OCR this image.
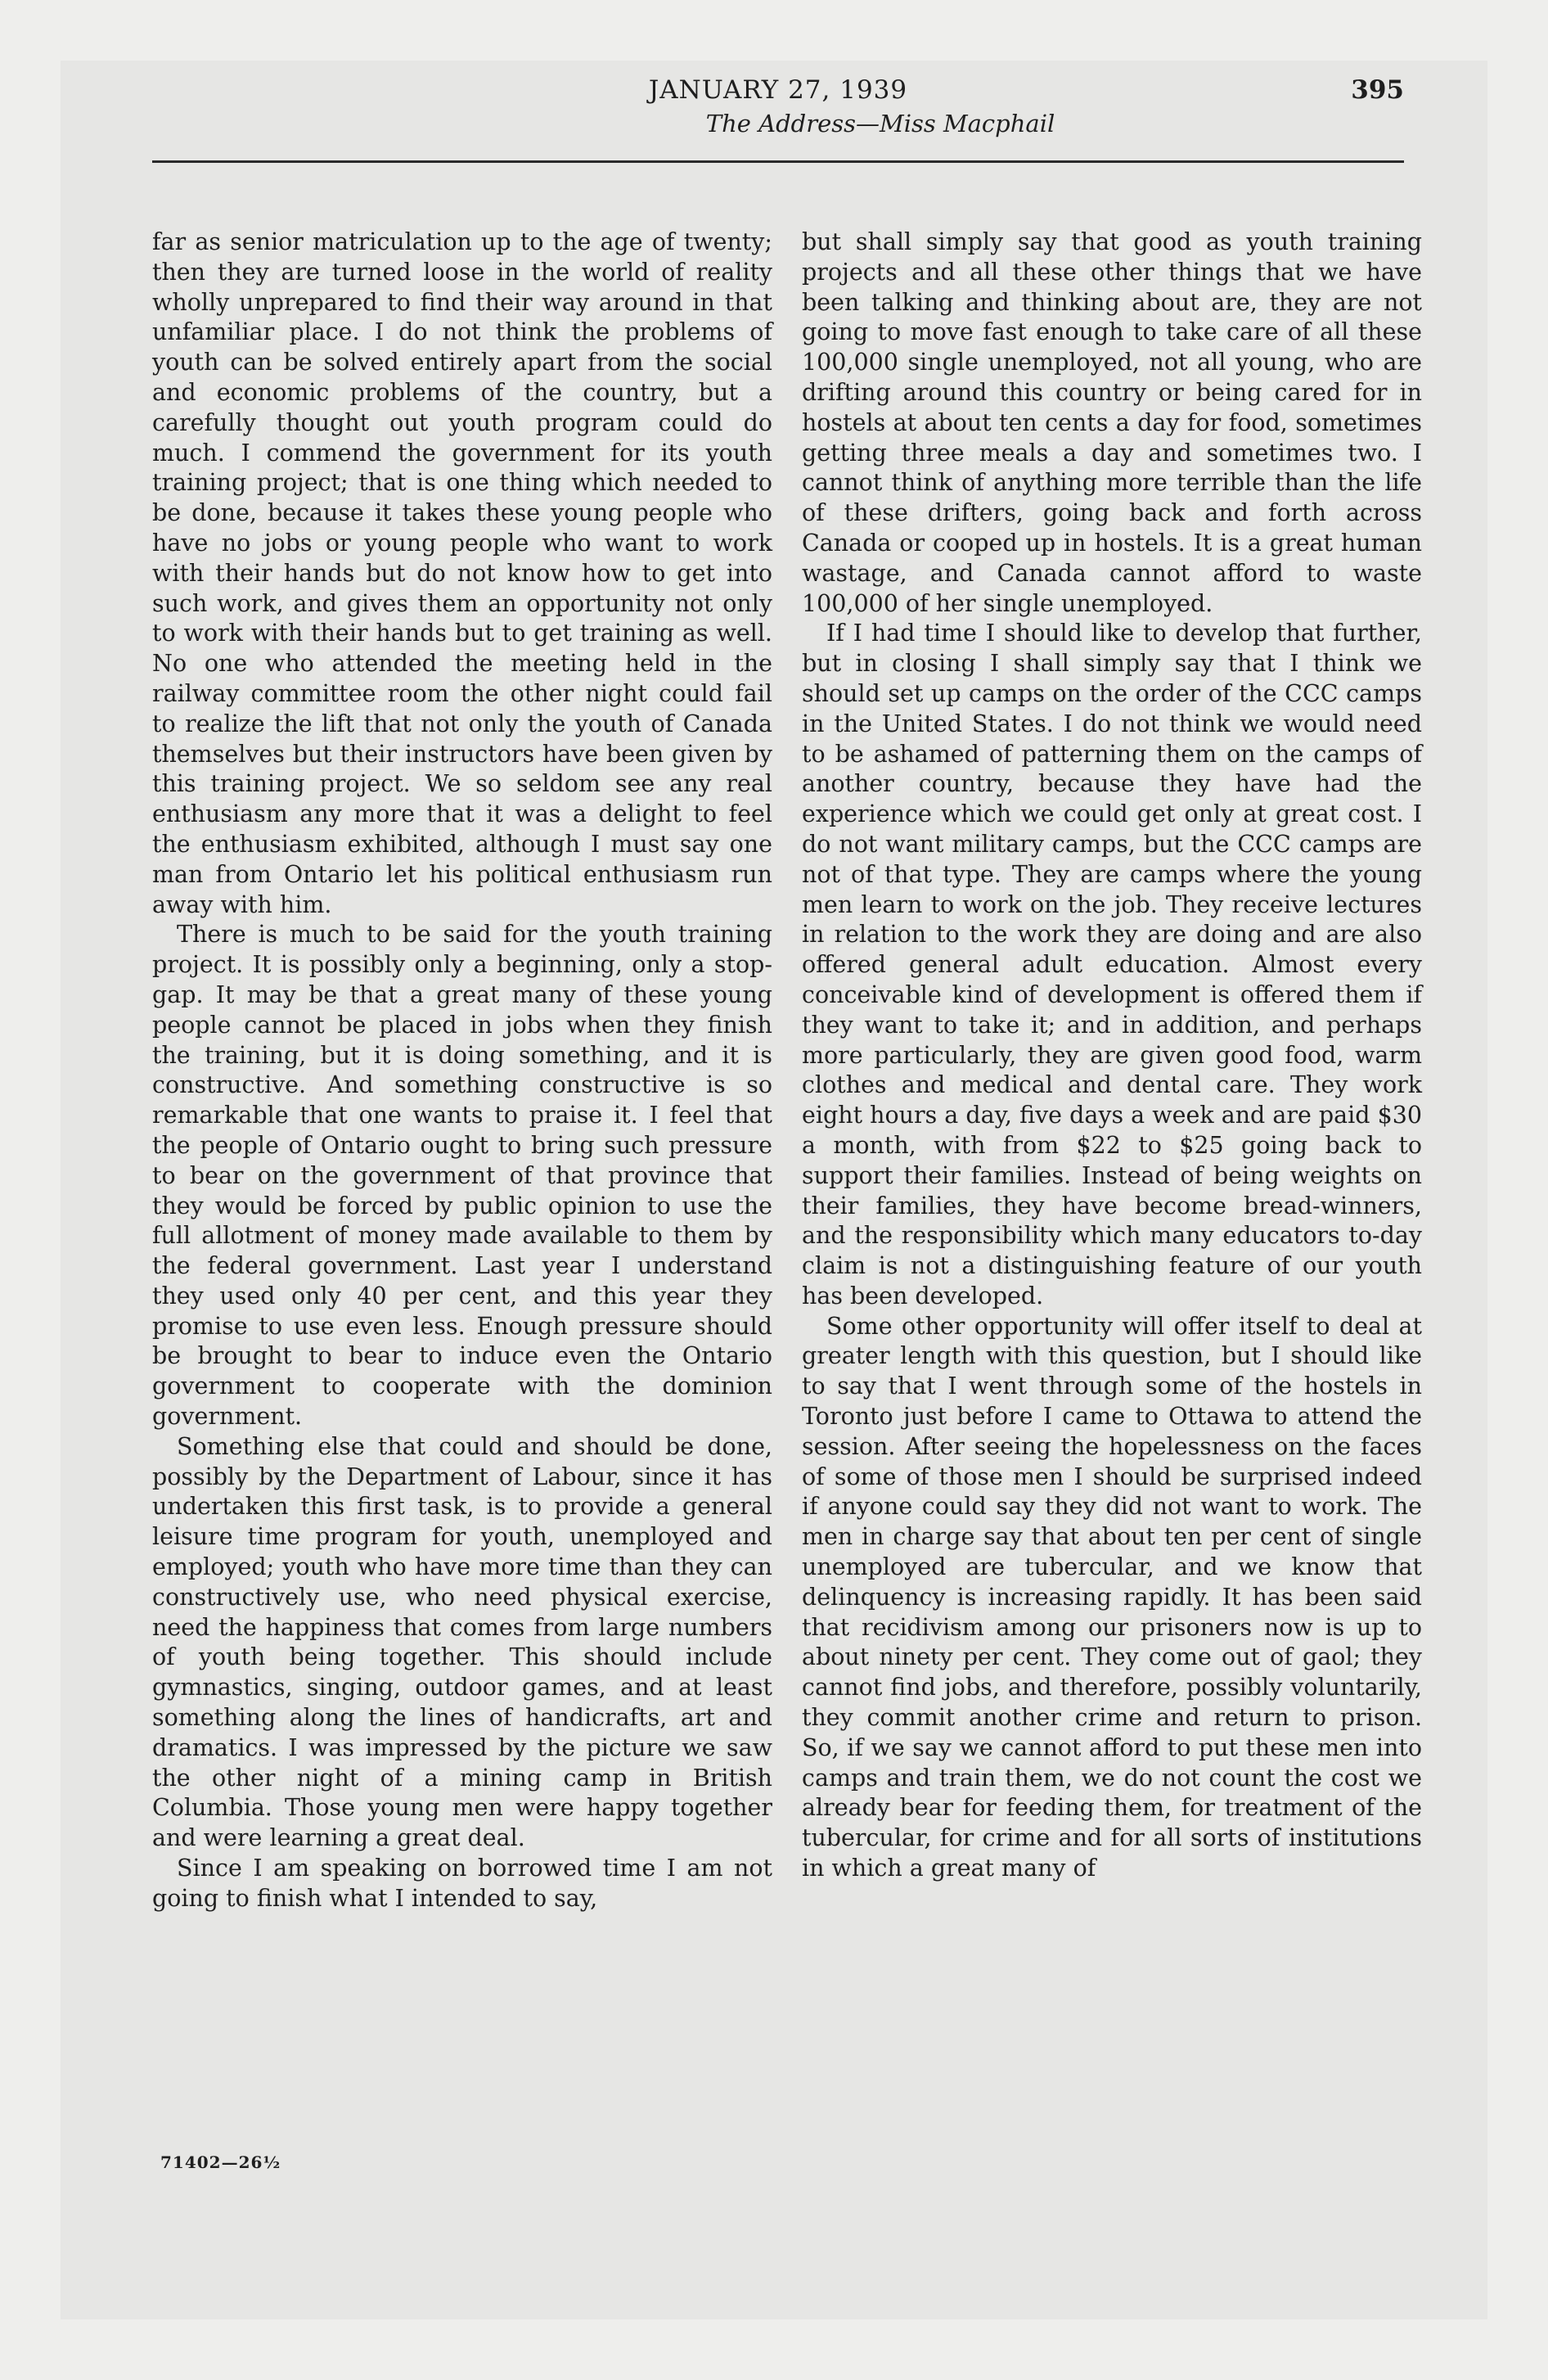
JANUARY 27, 1939	395
The Address—Miss Macphail

far as senior matriculation up to the age of twenty; then they are turned loose in the world of reality wholly unprepared to find their way around in that unfamiliar place. I do not think the problems of youth can be solved entirely apart from the social and economic problems of the country, but a carefully thought out youth program could do much. I commend the government for its youth training project; that is one thing which needed to be done, because it takes these young people who have no jobs or young people who want to work with their hands but do not know how to get into such work, and gives them an opportunity not only to work with their hands but to get training as well. No one who attended the meeting held in the railway committee room the other night could fail to realize the lift that not only the youth of Canada themselves but their instructors have been given by this training project. We so seldom see any real enthusiasm any more that it was a delight to feel the enthusiasm exhibited, although I must say one man from Ontario let his political enthusiasm run away with him.

There is much to be said for the youth training project. It is possibly only a beginning, only a stop-gap. It may be that a great many of these young people cannot be placed in jobs when they finish the training, but it is doing something, and it is constructive. And something constructive is so remarkable that one wants to praise it. I feel that the people of Ontario ought to bring such pressure to bear on the government of that province that they would be forced by public opinion to use the full allotment of money made available to them by the federal government. Last year I understand they used only 40 per cent, and this year they promise to use even less. Enough pressure should be brought to bear to induce even the Ontario government to cooperate with the dominion government.

Something else that could and should be done, possibly by the Department of Labour, since it has undertaken this first task, is to provide a general leisure time program for youth, unemployed and employed; youth who have more time than they can constructively use, who need physical exercise, need the happiness that comes from large numbers of youth being together. This should include gymnastics, singing, outdoor games, and at least something along the lines of handicrafts, art and dramatics. I was impressed by the picture we saw the other night of a mining camp in British Columbia. Those young men were happy together and were learning a great deal.

Since I am speaking on borrowed time I am not going to finish what I intended to say,

but shall simply say that good as youth training projects and all these other things that we have been talking and thinking about are, they are not going to move fast enough to take care of all these 100,000 single unemployed, not all young, who are drifting around this country or being cared for in hostels at about ten cents a day for food, sometimes getting three meals a day and sometimes two. I cannot think of anything more terrible than the life of these drifters, going back and forth across Canada or cooped up in hostels. It is a great human wastage, and Canada cannot afford to waste 100,000 of her single unemployed.

If I had time I should like to develop that further, but in closing I shall simply say that I think we should set up camps on the order of the CCC camps in the United States. I do not think we would need to be ashamed of patterning them on the camps of another country, because they have had the experience which we could get only at great cost. I do not want military camps, but the CCC camps are not of that type. They are camps where the young men learn to work on the job. They receive lectures in relation to the work they are doing and are also offered general adult education. Almost every conceivable kind of development is offered them if they want to take it; and in addition, and perhaps more particularly, they are given good food, warm clothes and medical and dental care. They work eight hours a day, five days a week and are paid $30 a month, with from $22 to $25 going back to support their families. Instead of being weights on their families, they have become bread-winners, and the responsibility which many educators to-day claim is not a distinguishing feature of our youth has been developed.

Some other opportunity will offer itself to deal at greater length with this question, but I should like to say that I went through some of the hostels in Toronto just before I came to Ottawa to attend the session. After seeing the hopelessness on the faces of some of those men I should be surprised indeed if anyone could say they did not want to work. The men in charge say that about ten per cent of single unemployed are tubercular, and we know that delinquency is increasing rapidly. It has been said that recidivism among our prisoners now is up to about ninety per cent. They come out of gaol; they cannot find jobs, and therefore, possibly voluntarily, they commit another crime and return to prison. So, if we say we cannot afford to put these men into camps and train them, we do not count the cost we already bear for feeding them, for treatment of the tubercular, for crime and for all sorts of institutions in which a great many of

71402—26½
